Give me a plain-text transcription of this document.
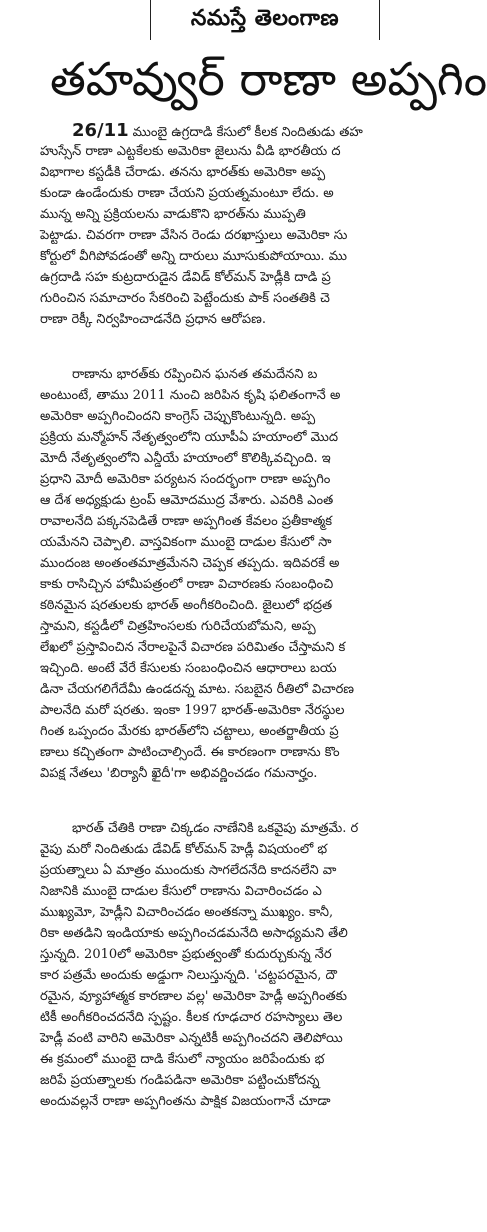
నమస్తే తెలంగాణ
తహవ్వుర్ రాణా అప్పగిం
26/11 ముంబై ఉగ్రదాడి కేసులో కీలక నిందితుడు తహ
హుస్సేన్ రాణా ఎట్టకేలకు అమెరికా జైలును వీడి భారతీయ ద
విభాగాల కస్టడీకి చేరాడు. తనను భారత్‌కు అమెరికా అప్ప
కుండా ఉండేందుకు రాణా చేయని ప్రయత్నమంటూ లేదు. అ
మున్న అన్ని ప్రక్రియలను వాడుకొని భారత్‌ను ముప్పతి
పెట్టాడు. చివరగా రాణా వేసిన రెండు దరఖాస్తులు అమెరికా సు
కోర్టులో వీగిపోవడంతో అన్ని దారులు మూసుకుపోయాయి. ము
ఉగ్రదాడి సహ కుట్రదారుడైన డేవిడ్ కోల్‌మన్ హెడ్లీకి దాడి ప్ర
గురించిన సమాచారం సేకరించి పెట్టేందుకు పాక్ సంతతికి చె
రాణా రెక్కీ నిర్వహించాడనేది ప్రధాన ఆరోపణ.
రాణాను భారత్‌కు రప్పించిన ఘనత తమదేనని బ
అంటుంటే, తాము 2011 నుంచి జరిపిన కృషి ఫలితంగానే అ
అమెరికా అప్పగించిందని కాంగ్రెస్ చెప్పుకొంటున్నది. అప్ప
ప్రక్రియ మన్మోహన్ నేతృత్వంలోని యూపీఏ హయాంలో మొద
మోదీ నేతృత్వంలోని ఎన్డీయే హయాంలో కొలిక్కివచ్చింది. ఇ
ప్రధాని మోదీ అమెరికా పర్యటన సందర్భంగా రాణా అప్పగిం
ఆ దేశ అధ్యక్షుడు ట్రంప్ ఆమోదముద్ర వేశారు. ఎవరికి ఎంత
రావాలనేది పక్కనపెడితే రాణా అప్పగింత కేవలం ప్రతీకాత్మక
యమేనని చెప్పాలి. వాస్తవికంగా ముంబై దాడుల కేసులో సా
ముందంజ అంతంతమాత్రమేనని చెప్పక తప్పదు. ఇదివరకే అ
కాకు రాసిచ్చిన హామీపత్రంలో రాణా విచారణకు సంబంధించి
కఠినమైన షరతులకు భారత్ అంగీకరించింది. జైలులో భద్రత
స్తామని, కస్టడీలో చిత్రహింసలకు గురిచేయబోమని, అప్ప
లేఖలో ప్రస్తావించిన నేరాలపైనే విచారణ పరిమితం చేస్తామని క
ఇచ్చింది. అంటే వేరే కేసులకు సంబంధించిన ఆధారాలు బయ
డినా చేయగలిగేదేమీ ఉండదన్న మాట. సబబైన రీతిలో విచారణ
పాలనేది మరో షరతు. ఇంకా 1997 భారత్-అమెరికా నేరస్థుల
గింత ఒప్పందం మేరకు భారత్‌లోని చట్టాలు, అంతర్జాతీయ ప్ర
ణాలు కచ్చితంగా పాటించాల్సిందే. ఈ కారణంగా రాణాను కొం
విపక్ష నేతలు 'బిర్యానీ ఖైదీ'గా అభివర్ణించడం గమనార్హం.
భారత్ చేతికి రాణా చిక్కడం నాణేనికి ఒకవైపు మాత్రమే. ర
వైపు మరో నిందితుడు డేవిడ్ కోల్‌మన్ హెడ్లీ విషయంలో భ
ప్రయత్నాలు ఏ మాత్రం ముందుకు సాగలేదనేది కాదనలేని వా
నిజానికి ముంబై దాడుల కేసులో రాణాను విచారించడం ఎ
ముఖ్యమో, హెడ్లీని విచారించడం అంతకన్నా ముఖ్యం. కానీ,
రికా అతడిని ఇండియాకు అప్పగించడమనేది అసాధ్యమని తేలి
స్తున్నది. 2010లో అమెరికా ప్రభుత్వంతో కుదుర్చుకున్న నేర
కార పత్రమే అందుకు అడ్డుగా నిలుస్తున్నది. 'చట్టపరమైన, దౌ
రమైన, వ్యూహాత్మక కారణాల వల్ల' అమెరికా హెడ్లీ అప్పగింతకు
టికీ అంగీకరించదనేది స్పష్టం. కీలక గూఢచార రహస్యాలు తెల
హెడ్లీ వంటి వారిని అమెరికా ఎన్నటికీ అప్పగించదని తెలిపోయి
ఈ క్రమంలో ముంబై దాడి కేసులో న్యాయం జరిపేందుకు భ
జరిపే ప్రయత్నాలకు గండిపడినా అమెరికా పట్టించుకోదన్న
అందువల్లనే రాణా అప్పగింతను పాక్షిక విజయంగానే చూడా
